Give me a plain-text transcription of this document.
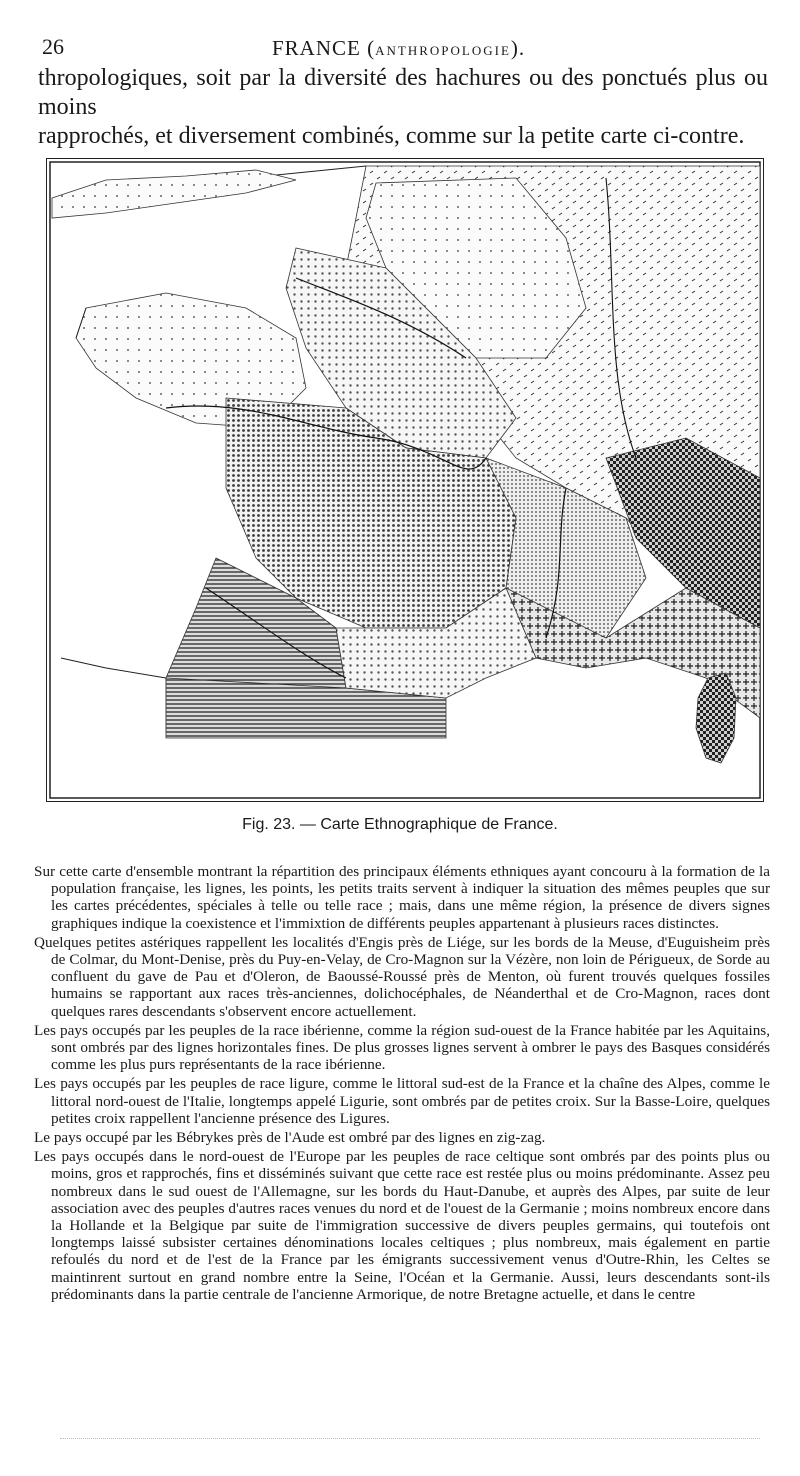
26	FRANCE (ANTHROPOLOGIE).

thropologiques, soit par la diversité des hachures ou des ponctués plus ou moins

rapprochés, et diversement combinés, comme sur la petite carte ci-contre.

Fig. 23. — Carte Ethnographique de France.

Sur cette carte d'ensemble montrant la répartition des principaux éléments ethniques ayant concouru à la formation de la population française, les lignes, les points, les petits traits servent à indiquer la situation des mêmes peuples que sur les cartes précédentes, spéciales à telle ou telle race ; mais, dans une même région, la présence de divers signes graphiques indique la coexistence et l'immixtion de différents peuples appartenant à plusieurs races distinctes.

Quelques petites astériques rappellent les localités d'Engis près de Liége, sur les bords de la Meuse, d'Euguisheim près de Colmar, du Mont-Denise, près du Puy-en-Velay, de Cro-Magnon sur la Vézère, non loin de Périgueux, de Sorde au confluent du gave de Pau et d'Oleron, de Baoussé-Roussé près de Menton, où furent trouvés quelques fossiles humains se rapportant aux races très-anciennes, dolichocéphales, de Néanderthal et de Cro-Magnon, races dont quelques rares descendants s'observent encore actuellement.

Les pays occupés par les peuples de la race ibérienne, comme la région sud-ouest de la France habitée par les Aquitains, sont ombrés par des lignes horizontales fines. De plus grosses lignes servent à ombrer le pays des Basques considérés comme les plus purs représentants de la race ibérienne.

Les pays occupés par les peuples de race ligure, comme le littoral sud-est de la France et la chaîne des Alpes, comme le littoral nord-ouest de l'Italie, longtemps appelé Ligurie, sont ombrés par de petites croix. Sur la Basse-Loire, quelques petites croix rappellent l'ancienne présence des Ligures.

Le pays occupé par les Bébrykes près de l'Aude est ombré par des lignes en zig-zag.

Les pays occupés dans le nord-ouest de l'Europe par les peuples de race celtique sont ombrés par des points plus ou moins, gros et rapprochés, fins et disséminés suivant que cette race est restée plus ou moins prédominante. Assez peu nombreux dans le sud ouest de l'Allemagne, sur les bords du Haut-Danube, et auprès des Alpes, par suite de leur association avec des peuples d'autres races venues du nord et de l'ouest de la Germanie ; moins nombreux encore dans la Hollande et la Belgique par suite de l'immigration successive de divers peuples germains, qui toutefois ont longtemps laissé subsister certaines dénominations locales celtiques ; plus nombreux, mais également en partie refoulés du nord et de l'est de la France par les émigrants successivement venus d'Outre-Rhin, les Celtes se maintinrent surtout en grand nombre entre la Seine, l'Océan et la Germanie. Aussi, leurs descendants sont-ils prédominants dans la partie centrale de l'ancienne Armorique, de notre Bretagne actuelle, et dans le centre
